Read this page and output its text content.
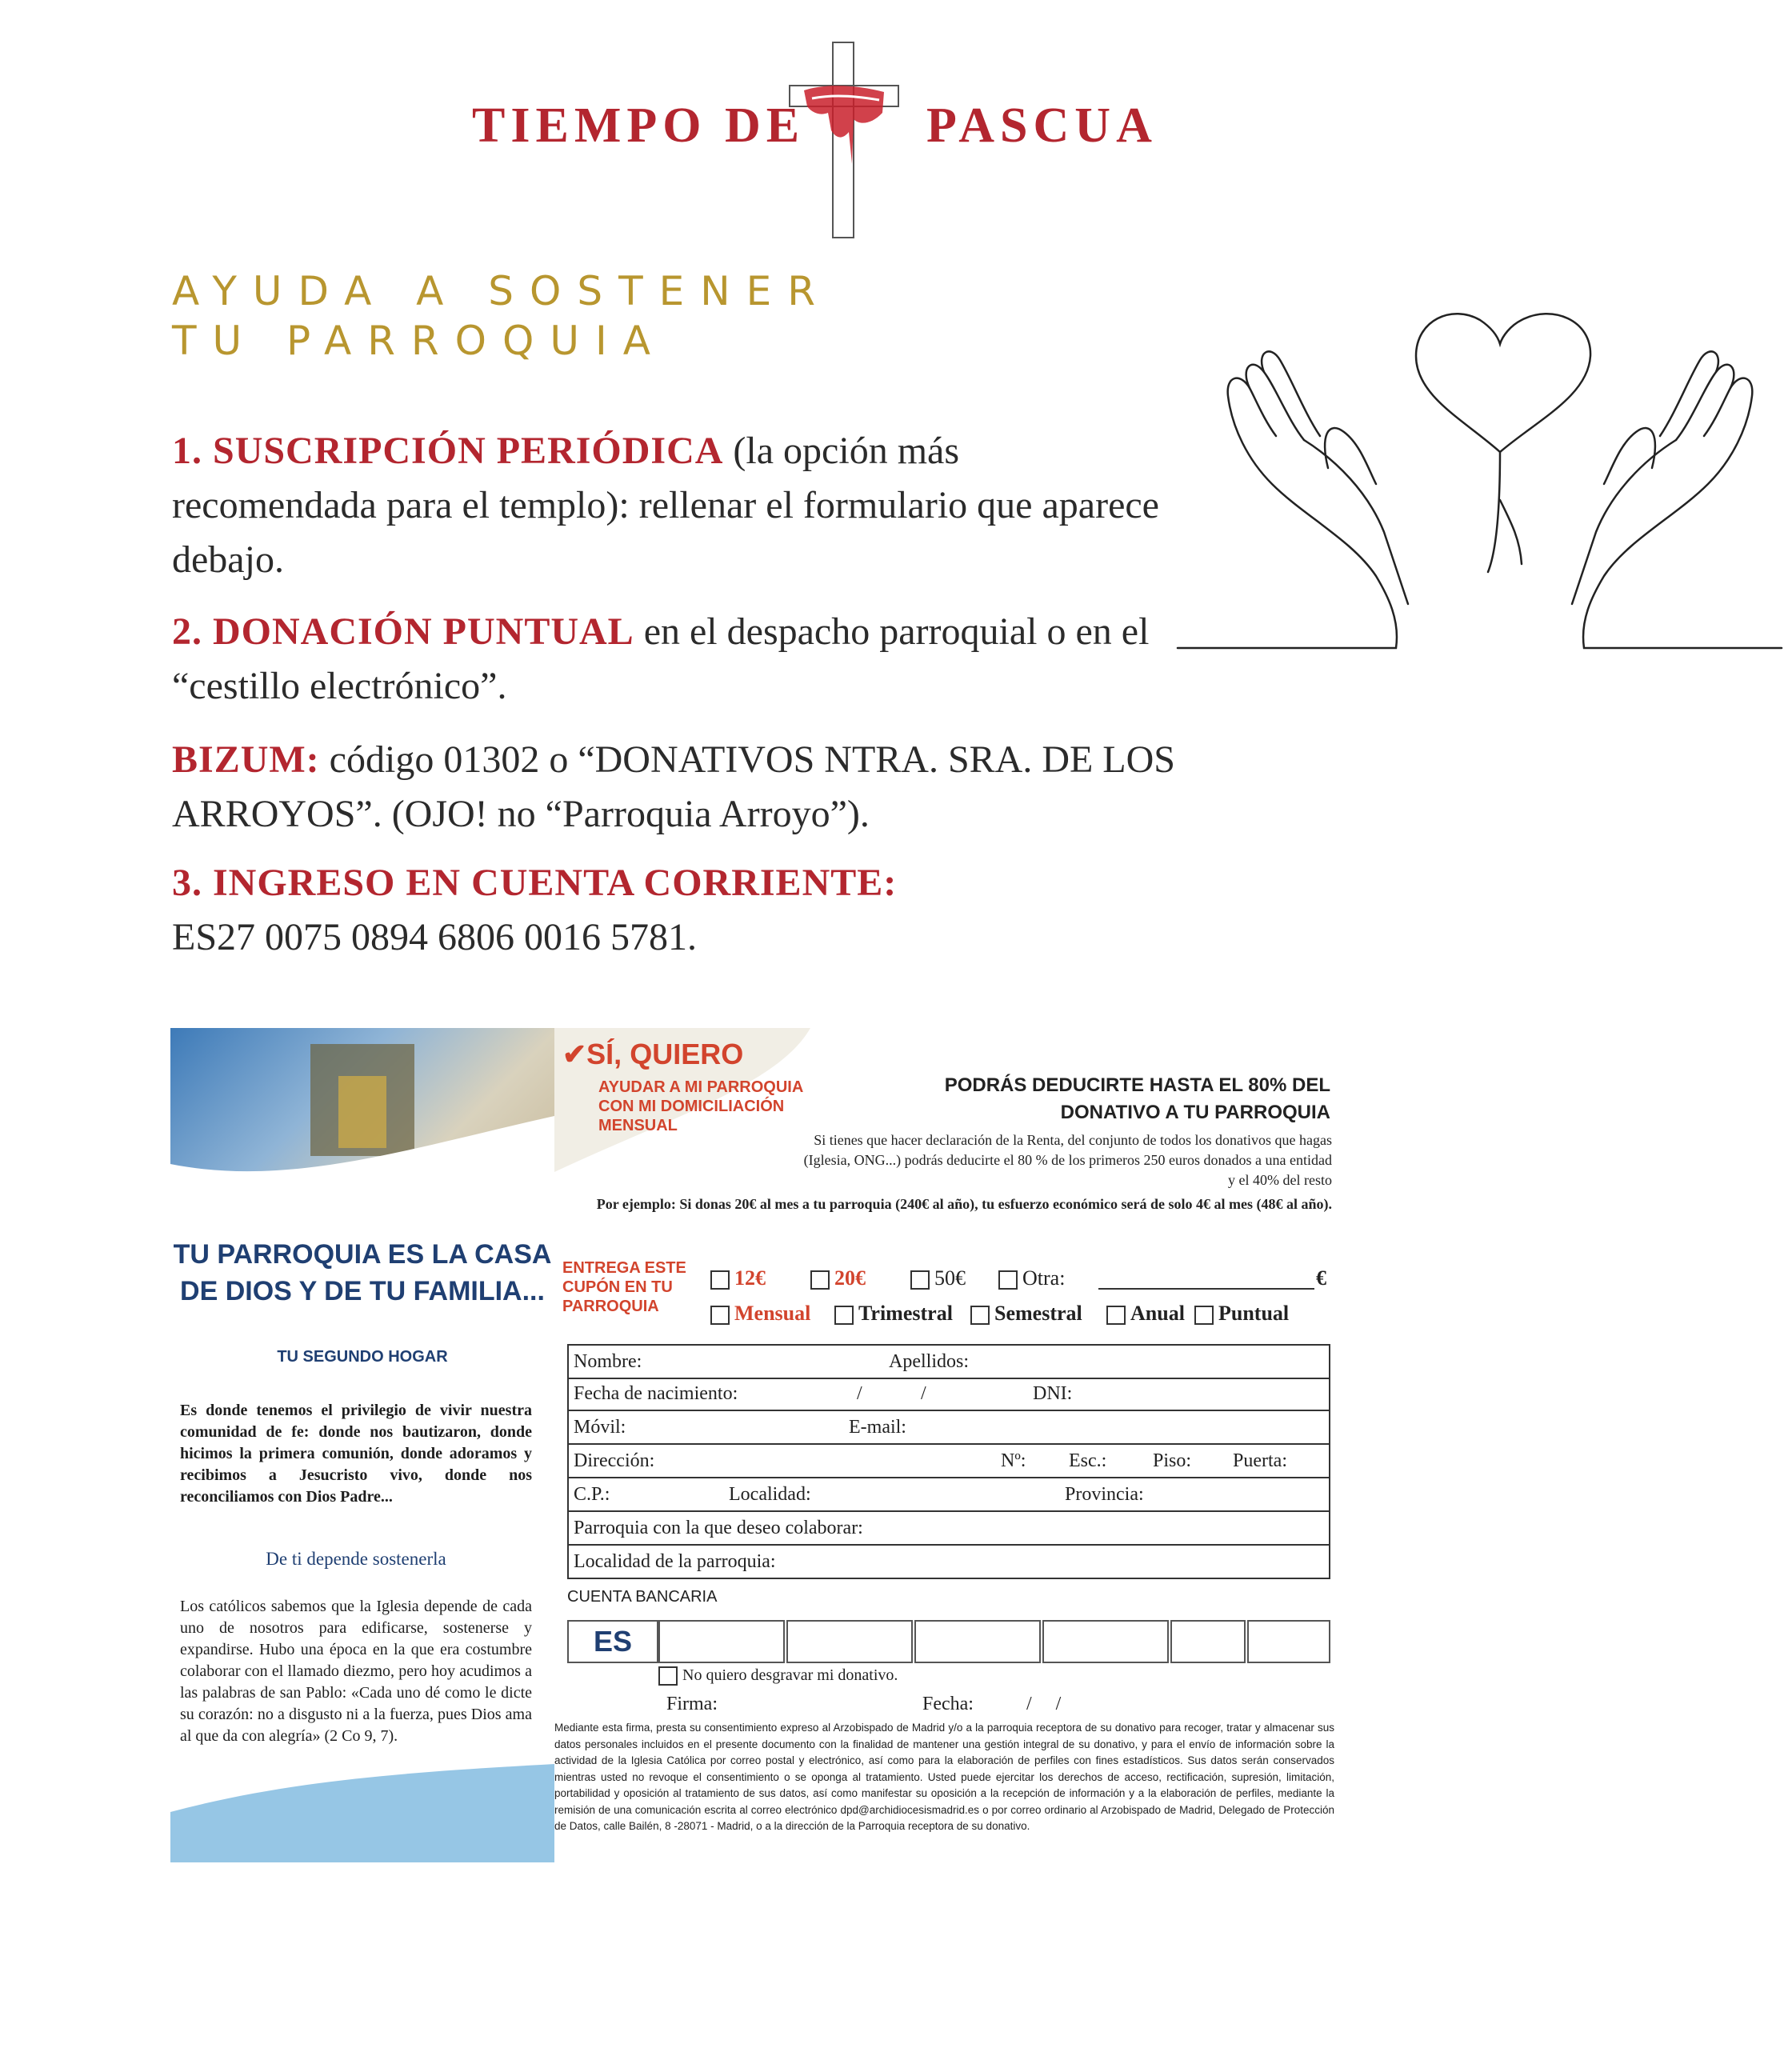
TIEMPO DE PASCUA
AYUDA A SOSTENER
TU PARROQUIA
1. SUSCRIPCIÓN PERIÓDICA (la opción más recomendada para el templo): rellenar el formulario que aparece debajo.
2. DONACIÓN PUNTUAL en el despacho parroquial o en el “cestillo electrónico”.
BIZUM: código 01302 o “DONATIVOS NTRA. SRA. DE LOS ARROYOS”. (OJO! no “Parroquia Arroyo”).
3. INGRESO EN CUENTA CORRIENTE:
ES27 0075 0894 6806 0016 5781.
TU PARROQUIA ES LA CASA DE DIOS Y DE TU FAMILIA...
TU SEGUNDO HOGAR
Es donde tenemos el privilegio de vivir nuestra comunidad de fe: donde nos bautizaron, donde hicimos la primera comunión, donde adoramos y recibimos a Jesucristo vivo, donde nos reconciliamos con Dios Padre...
De ti depende sostenerla
Los católicos sabemos que la Iglesia depende de cada uno de nosotros para edificarse, sostenerse y expandirse. Hubo una época en la que era costumbre colaborar con el llamado diezmo, pero hoy acudimos a las palabras de san Pablo: «Cada uno dé como le dicte su corazón: no a disgusto ni a la fuerza, pues Dios ama al que da con alegría» (2 Co 9, 7).
✔SÍ, QUIERO
AYUDAR A MI PARROQUIA CON MI DOMICILIACIÓN MENSUAL
PODRÁS DEDUCIRTE HASTA EL 80% DEL DONATIVO A TU PARROQUIA
Si tienes que hacer declaración de la Renta, del conjunto de todos los donativos que hagas (Iglesia, ONG...) podrás deducirte el 80 % de los primeros 250 euros donados a una entidad y el 40% del resto
Por ejemplo: Si donas 20€ al mes a tu parroquia (240€ al año), tu esfuerzo económico será de solo 4€ al mes (48€ al año).
ENTREGA ESTE CUPÓN EN TU PARROQUIA
12€	20€	50€	Otra:	€
Mensual	Trimestral	Semestral	Anual	Puntual
Nombre:	Apellidos:
Fecha de nacimiento:	/	/	DNI:
Móvil:	E-mail:
Dirección:	Nº: Esc.: Piso: Puerta:
C.P.:	Localidad:	Provincia:
Parroquia con la que deseo colaborar:
Localidad de la parroquia:
CUENTA BANCARIA
ES
No quiero desgravar mi donativo.
Firma:	Fecha:	/     /
Mediante esta firma, presta su consentimiento expreso al Arzobispado de Madrid y/o a la parroquia receptora de su donativo para recoger, tratar y almacenar sus datos personales incluidos en el presente documento con la finalidad de mantener una gestión integral de su donativo, y para el envío de información sobre la actividad de la Iglesia Católica por correo postal y electrónico, así como para la elaboración de perfiles con fines estadísticos. Sus datos serán conservados mientras usted no revoque el consentimiento o se oponga al tratamiento. Usted puede ejercitar los derechos de acceso, rectificación, supresión, limitación, portabilidad y oposición al tratamiento de sus datos, así como manifestar su oposición a la recepción de información y a la elaboración de perfiles, mediante la remisión de una comunicación escrita al correo electrónico dpd@archidiocesismadrid.es o por correo ordinario al Arzobispado de Madrid, Delegado de Protección de Datos, calle Bailén, 8 -28071 - Madrid, o a la dirección de la Parroquia receptora de su donativo.
